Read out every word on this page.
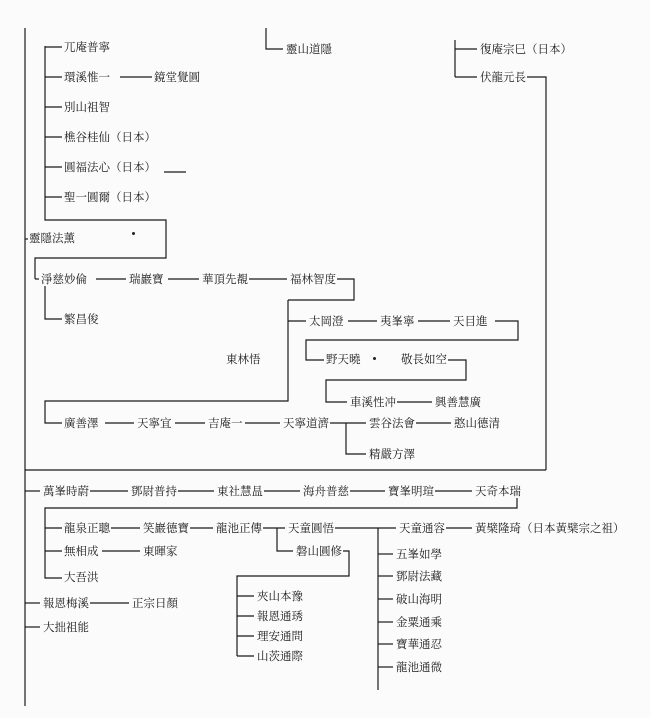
兀庵普寧
環溪惟一	鏡堂覺圓
別山祖智
樵谷桂仙（日本）
圓福法心（日本）
聖一圓爾（日本）
靈隱法薰
靈山道隱	復庵宗巳（日本）
伏龍元長
淨慈妙倫	瑞巖寶	華頂先覩	福林智度
繁昌俊	太岡澄	夷峯寧	天目進
東林悟	野天曉	敬長如空
車溪性冲	興善慧廣
廣善澤	天寧宜	吉庵一	天寧道濟	雲谷法會	憨山德清
精嚴方澤
萬峯時蔚	鄧尉普持	東社慧昷	海舟普慈	寶峯明瑄	天奇本瑞
龍泉正聰	笑巖德寶 龍池正傳 天童圓悟	天童通容	黃檗隆琦（日本黃檗宗之祖）
無相成	東暉家
大吾洪
磐山圓修	五峯如學
鄧尉法藏
破山海明
金粟通乘
寶華通忍
龍池通微
報恩梅溪	正宗日顏
大拙祖能
夾山本豫
報恩通琇
理安通問
山茨通際
